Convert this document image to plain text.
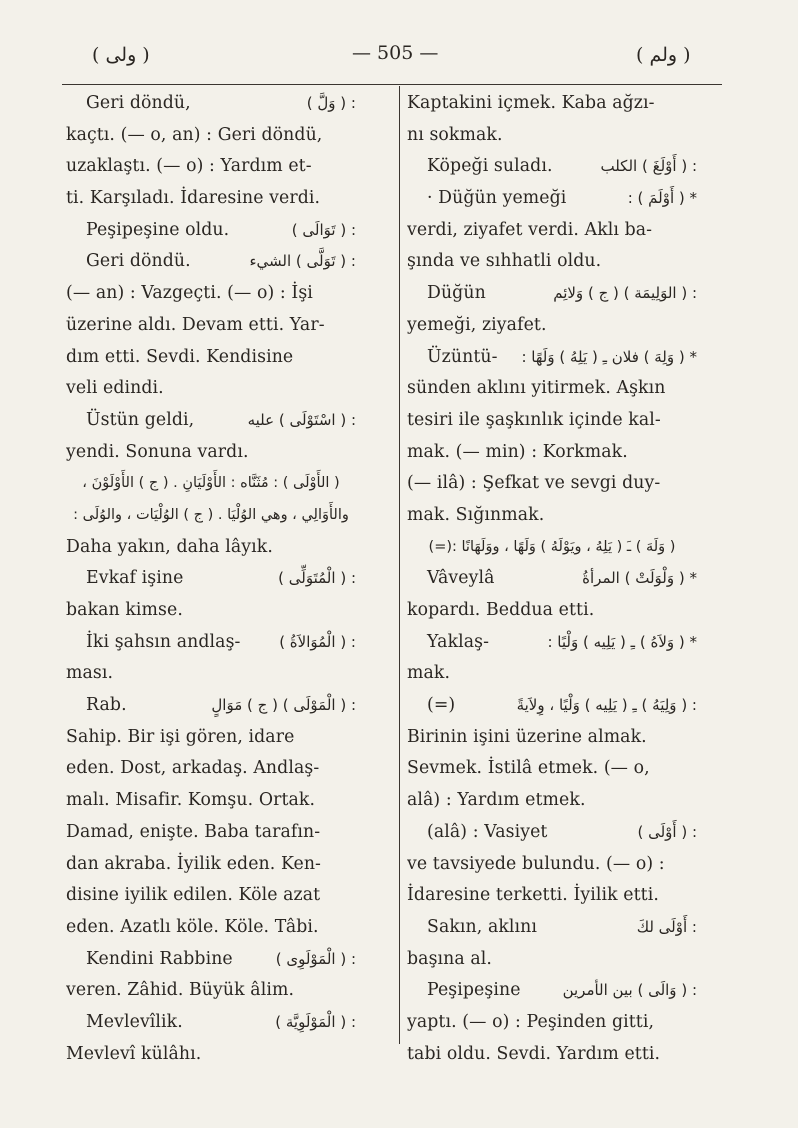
( ولى )	— 505 —	( ولم )
Geri döndü,	: ( وَلَّ )
kaçtı. (— o, an) : Geri döndü,
uzaklaştı. (— o) : Yardım et-
ti. Karşıladı. İdaresine verdi.
Peşipeşine oldu.	: ( تَوَالَى )
Geri döndü.	: ( تَوَلَّى ) الشيء
(— an) : Vazgeçti. (— o) : İşi
üzerine aldı. Devam etti. Yar-
dım etti. Sevdi. Kendisine
veli edindi.
Üstün geldi,	: ( اسْتَوْلَى ) عليه
yendi. Sonuna vardı.
( الأَوْلَى ) : مُثَنَّاه : الأَوْلَيَانِ . ( ج ) الأَوْلَوْنَ ،
والأَوَالِي ، وهي الوُلْيَا . ( ج ) الوُلْيَات ، والوُلَى :
Daha yakın, daha lâyık.
Evkaf işine	: ( الْمُتَوَلِّى )
bakan kimse.
İki şahsın andlaş-	: ( الْمُوَالاَةُ )
ması.
Rab.	: ( الْمَوْلَى ) ( ج ) مَوَالٍ
Sahip. Bir işi gören, idare
eden. Dost, arkadaş. Andlaş-
malı. Misafir. Komşu. Ortak.
Damad, enişte. Baba tarafın-
dan akraba. İyilik eden. Ken-
disine iyilik edilen. Köle azat
eden. Azatlı köle. Köle. Tâbi.
Kendini Rabbine	: ( الْمَوْلَوِى )
veren. Zâhid. Büyük âlim.
Mevlevîlik.	: ( الْمَوْلَوِيَّة )
Mevlevî külâhı.
Kaptakini içmek. Kaba ağzı-
nı sokmak.
Köpeği suladı.	: ( أَوْلَغَ ) الكلب
· Düğün yemeği	* ( أَوْلَمَ ) :
verdi, ziyafet verdi. Aklı ba-
şında ve sıhhatli oldu.
Düğün	: ( الوَلِيمَة ) ( ج ) وَلائِم
yemeği, ziyafet.
Üzüntü- * ( وَلِهَ ) فلان ـِ ( يَلِهُ ) وَلَهًا :
sünden aklını yitirmek. Aşkın
tesiri ile şaşkınlık içinde kal-
mak. (— min) : Korkmak.
(— ilâ) : Şefkat ve sevgi duy-
mak. Sığınmak.
( وَلَهَ ) ـَ ( يَلِهُ ، ويَوْلَهُ ) وَلَهًا ، ووَلَهَانًا :(=)
Vâveylâ	* ( وَلْوَلَتْ ) المرأةُ
kopardı. Beddua etti.
Yaklaş-	* ( وَلاَهُ ) ـِ ( يَلِيه ) وَلْيًا :
mak.
(=)	: ( وَلِيَهُ ) ـِ ( يَلِيه ) وَلْيًا ، وِلاَيةً
Birinin işini üzerine almak.
Sevmek. İstilâ etmek. (— o,
alâ) : Yardım etmek.
(alâ) : Vasiyet	: ( أَوْلَى )
ve tavsiyede bulundu. (— o) :
İdaresine terketti. İyilik etti.
Sakın, aklını	: أَوْلَى لكَ
başına al.
Peşipeşine	: ( وَالَى ) بين الأمرين
yaptı. (— o) : Peşinden gitti,
tabi oldu. Sevdi. Yardım etti.
